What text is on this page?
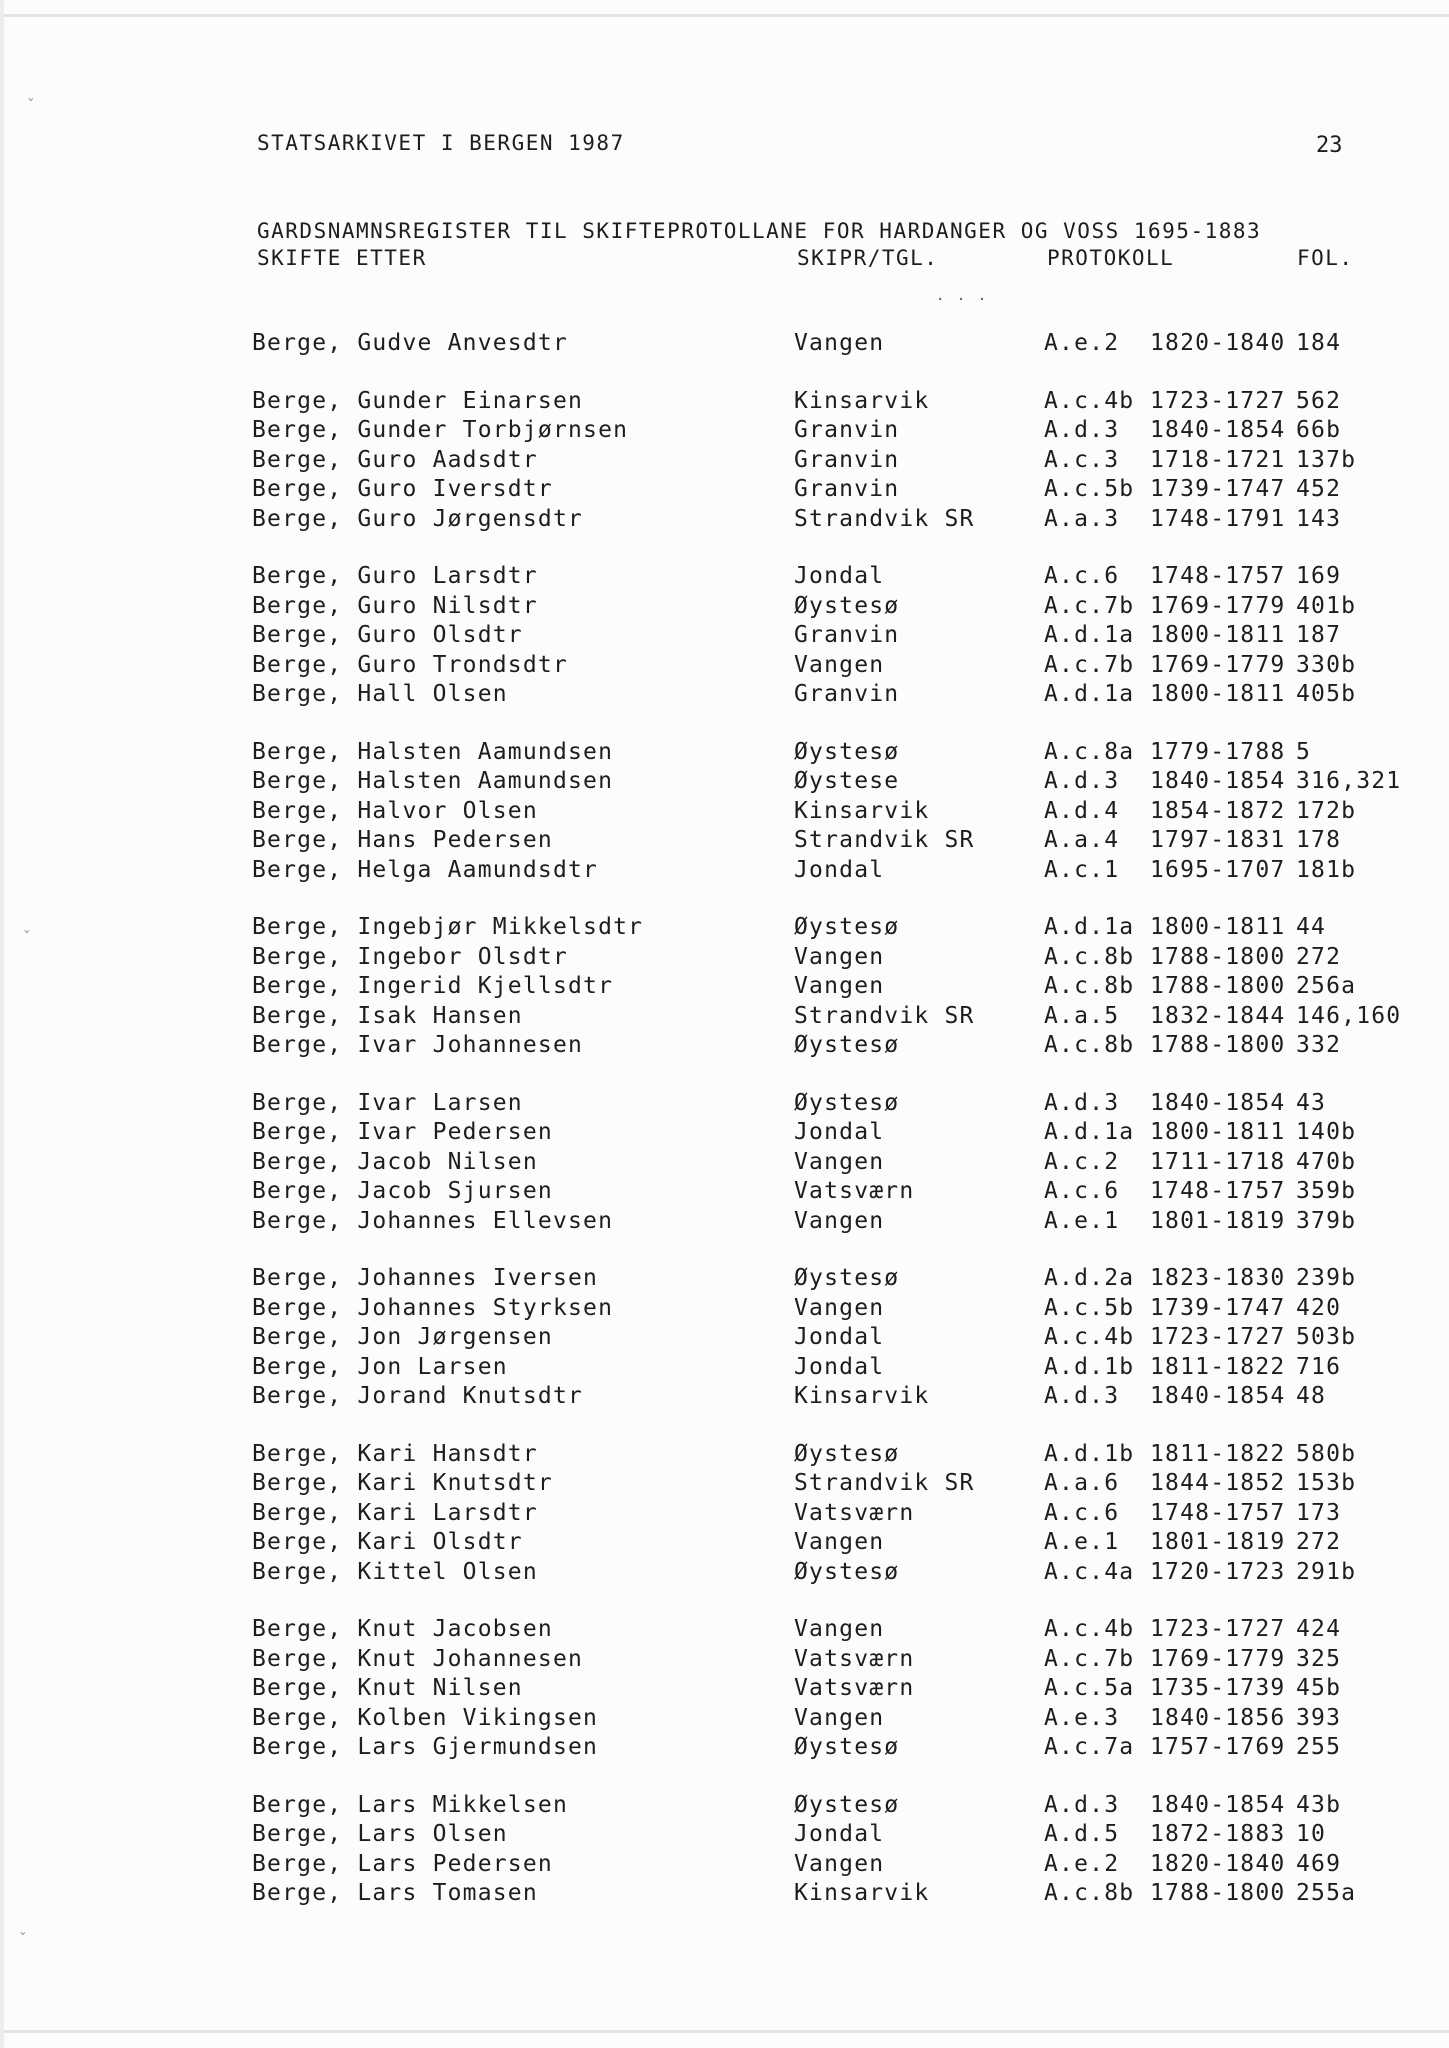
ˇ
ˇ
ˇ
STATSARKIVET I BERGEN 1987	23
GARDSNAMNSREGISTER TIL SKIFTEPROTOLLANE FOR HARDANGER OG VOSS 1695-1883
SKIFTE ETTER	SKIPR/TGL.	PROTOKOLL	FOL.
. . .
Berge, Gudve Anvesdtr	Vangen	A.e.2 1820-1840 184
Berge, Gunder Einarsen	Kinsarvik	A.c.4b 1723-1727 562
Berge, Gunder Torbjørnsen	Granvin	A.d.3 1840-1854 66b
Berge, Guro Aadsdtr	Granvin	A.c.3 1718-1721 137b
Berge, Guro Iversdtr	Granvin	A.c.5b 1739-1747 452
Berge, Guro Jørgensdtr	Strandvik SR	A.a.3 1748-1791 143
Berge, Guro Larsdtr	Jondal	A.c.6 1748-1757 169
Berge, Guro Nilsdtr	Øystesø	A.c.7b 1769-1779 401b
Berge, Guro Olsdtr	Granvin	A.d.1a 1800-1811 187
Berge, Guro Trondsdtr	Vangen	A.c.7b 1769-1779 330b
Berge, Hall Olsen	Granvin	A.d.1a 1800-1811 405b
Berge, Halsten Aamundsen	Øystesø	A.c.8a 1779-1788 5
Berge, Halsten Aamundsen	Øystese	A.d.3 1840-1854 316,321
Berge, Halvor Olsen	Kinsarvik	A.d.4 1854-1872 172b
Berge, Hans Pedersen	Strandvik SR	A.a.4 1797-1831 178
Berge, Helga Aamundsdtr	Jondal	A.c.1 1695-1707 181b
Berge, Ingebjør Mikkelsdtr	Øystesø	A.d.1a 1800-1811 44
Berge, Ingebor Olsdtr	Vangen	A.c.8b 1788-1800 272
Berge, Ingerid Kjellsdtr	Vangen	A.c.8b 1788-1800 256a
Berge, Isak Hansen	Strandvik SR	A.a.5 1832-1844 146,160
Berge, Ivar Johannesen	Øystesø	A.c.8b 1788-1800 332
Berge, Ivar Larsen	Øystesø	A.d.3 1840-1854 43
Berge, Ivar Pedersen	Jondal	A.d.1a 1800-1811 140b
Berge, Jacob Nilsen	Vangen	A.c.2 1711-1718 470b
Berge, Jacob Sjursen	Vatsværn	A.c.6 1748-1757 359b
Berge, Johannes Ellevsen	Vangen	A.e.1 1801-1819 379b
Berge, Johannes Iversen	Øystesø	A.d.2a 1823-1830 239b
Berge, Johannes Styrksen	Vangen	A.c.5b 1739-1747 420
Berge, Jon Jørgensen	Jondal	A.c.4b 1723-1727 503b
Berge, Jon Larsen	Jondal	A.d.1b 1811-1822 716
Berge, Jorand Knutsdtr	Kinsarvik	A.d.3 1840-1854 48
Berge, Kari Hansdtr	Øystesø	A.d.1b 1811-1822 580b
Berge, Kari Knutsdtr	Strandvik SR	A.a.6 1844-1852 153b
Berge, Kari Larsdtr	Vatsværn	A.c.6 1748-1757 173
Berge, Kari Olsdtr	Vangen	A.e.1 1801-1819 272
Berge, Kittel Olsen	Øystesø	A.c.4a 1720-1723 291b
Berge, Knut Jacobsen	Vangen	A.c.4b 1723-1727 424
Berge, Knut Johannesen	Vatsværn	A.c.7b 1769-1779 325
Berge, Knut Nilsen	Vatsværn	A.c.5a 1735-1739 45b
Berge, Kolben Vikingsen	Vangen	A.e.3 1840-1856 393
Berge, Lars Gjermundsen	Øystesø	A.c.7a 1757-1769 255
Berge, Lars Mikkelsen	Øystesø	A.d.3 1840-1854 43b
Berge, Lars Olsen	Jondal	A.d.5 1872-1883 10
Berge, Lars Pedersen	Vangen	A.e.2 1820-1840 469
Berge, Lars Tomasen	Kinsarvik	A.c.8b 1788-1800 255a
